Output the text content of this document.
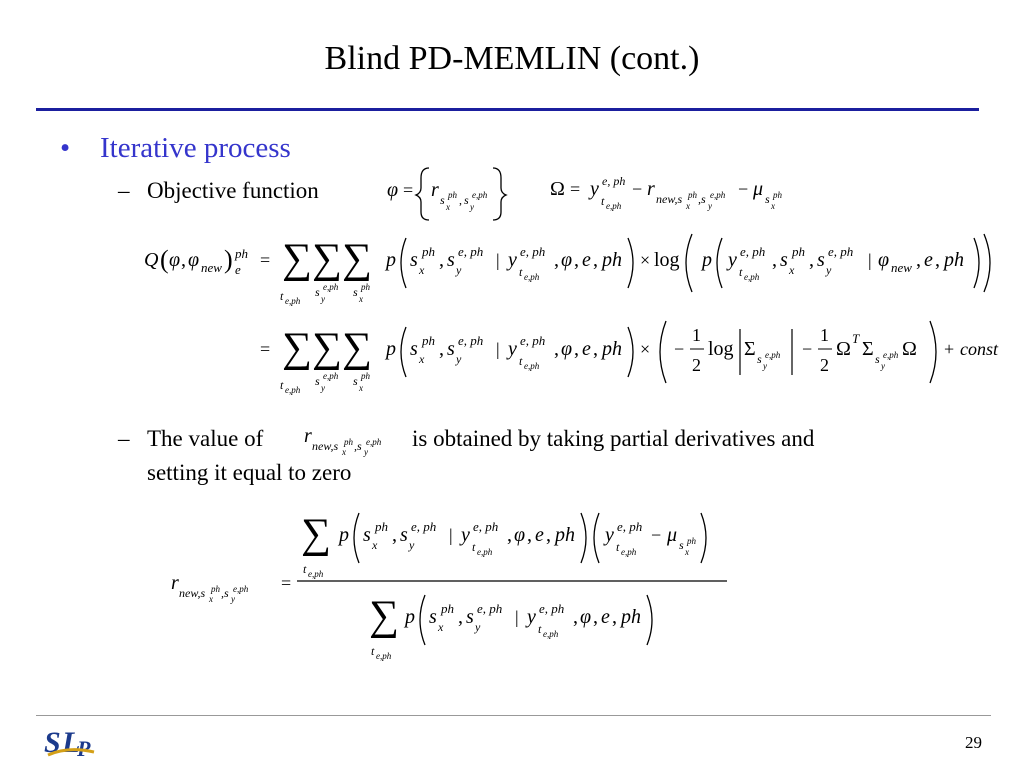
Blind PD-MEMLIN (cont.)
• Iterative process
– Objective function	φ = r s x
ph , s y
e,ph	Ω = y e, ph
t e,ph
− r new,s x
ph ,s y
e,ph − μ s x
ph
Q ( φ , φ new ) ph
e = ∑ ∑ ∑
t e,ph
s y
e,ph s x
ph
p s x
ph , s y
e, ph | y e, ph
t e,ph
, φ , e , ph × log p y e, ph
t e,ph
, s x
ph , s y
e, ph | φ new , e , ph
= ∑ ∑ ∑
t e,ph
s y
e,ph s x
ph
p s x
ph , s y
e, ph | y e, ph
t e,ph
, φ , e , ph × −
1
2
log Σ s y
e,ph −
1
2
Ω T Σ s y
e,ph Ω + const
– The value of r new,s x
ph ,s y
e,ph is obtained by taking partial derivatives and
setting it equal to zero
r new,s x
ph ,s y
e,ph =
∑
t e,ph
p s x
ph , s y
e, ph | y e, ph
t e,ph
, φ , e , ph y e, ph
t e,ph
− μ s x
ph
∑
t e,ph
p s x
ph , s y
e, ph | y e, ph
t e,ph
, φ , e , ph
S L
P	29
